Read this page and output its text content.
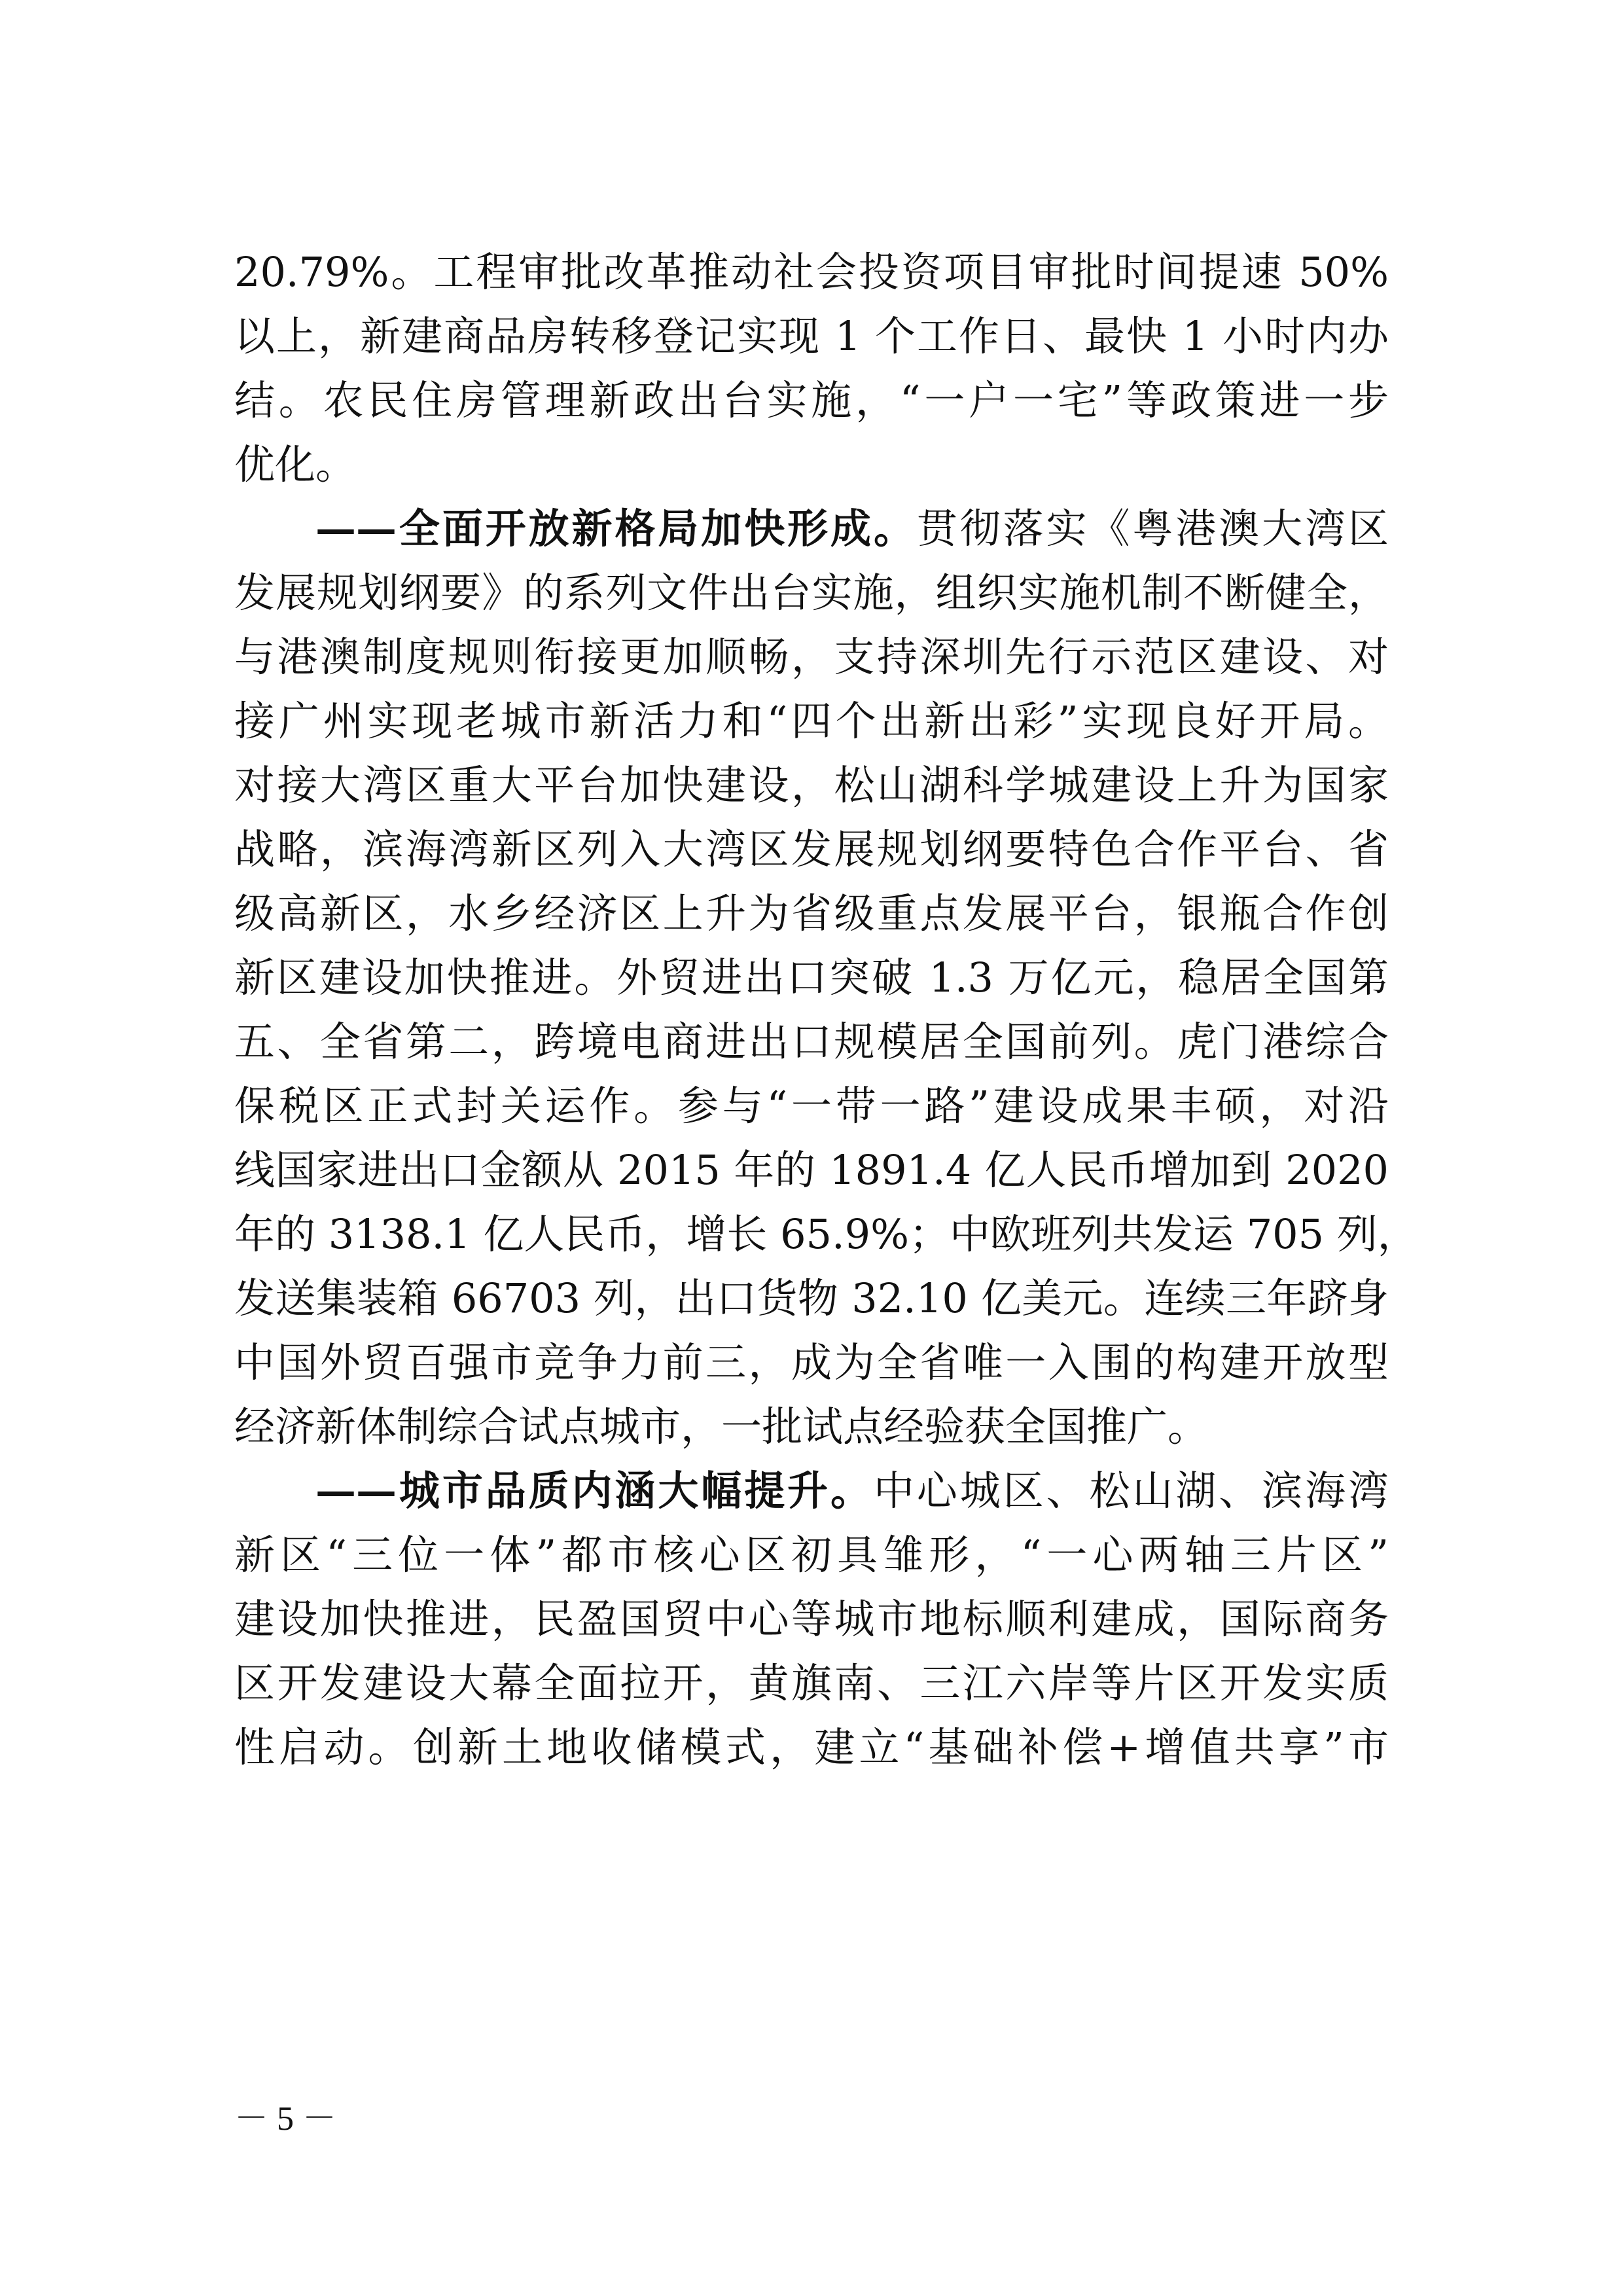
20.79%。工程审批改革推动社会投资项目审批时间提速 50%
以上，新建商品房转移登记实现 1 个工作日、最快 1 小时内办
结。农民住房管理新政出台实施，“一户一宅”等政策进一步
优化。
——全面开放新格局加快形成。贯彻落实《粤港澳大湾区
发展规划纲要》的系列文件出台实施，组织实施机制不断健全，
与港澳制度规则衔接更加顺畅，支持深圳先行示范区建设、对
接广州实现老城市新活力和“四个出新出彩”实现良好开局。
对接大湾区重大平台加快建设，松山湖科学城建设上升为国家
战略，滨海湾新区列入大湾区发展规划纲要特色合作平台、省
级高新区，水乡经济区上升为省级重点发展平台，银瓶合作创
新区建设加快推进。外贸进出口突破 1.3 万亿元，稳居全国第
五、全省第二，跨境电商进出口规模居全国前列。虎门港综合
保税区正式封关运作。参与“一带一路”建设成果丰硕，对沿
线国家进出口金额从 2015 年的 1891.4 亿人民币增加到 2020
年的 3138.1 亿人民币，增长 65.9%；中欧班列共发运 705 列，
发送集装箱 66703 列，出口货物 32.10 亿美元。连续三年跻身
中国外贸百强市竞争力前三，成为全省唯一入围的构建开放型
经济新体制综合试点城市，一批试点经验获全国推广。
——城市品质内涵大幅提升。中心城区、松山湖、滨海湾
新区“三位一体”都市核心区初具雏形，“一心两轴三片区”
建设加快推进，民盈国贸中心等城市地标顺利建成，国际商务
区开发建设大幕全面拉开，黄旗南、三江六岸等片区开发实质
性启动。创新土地收储模式，建立“基础补偿+增值共享”市
－ 5 －
